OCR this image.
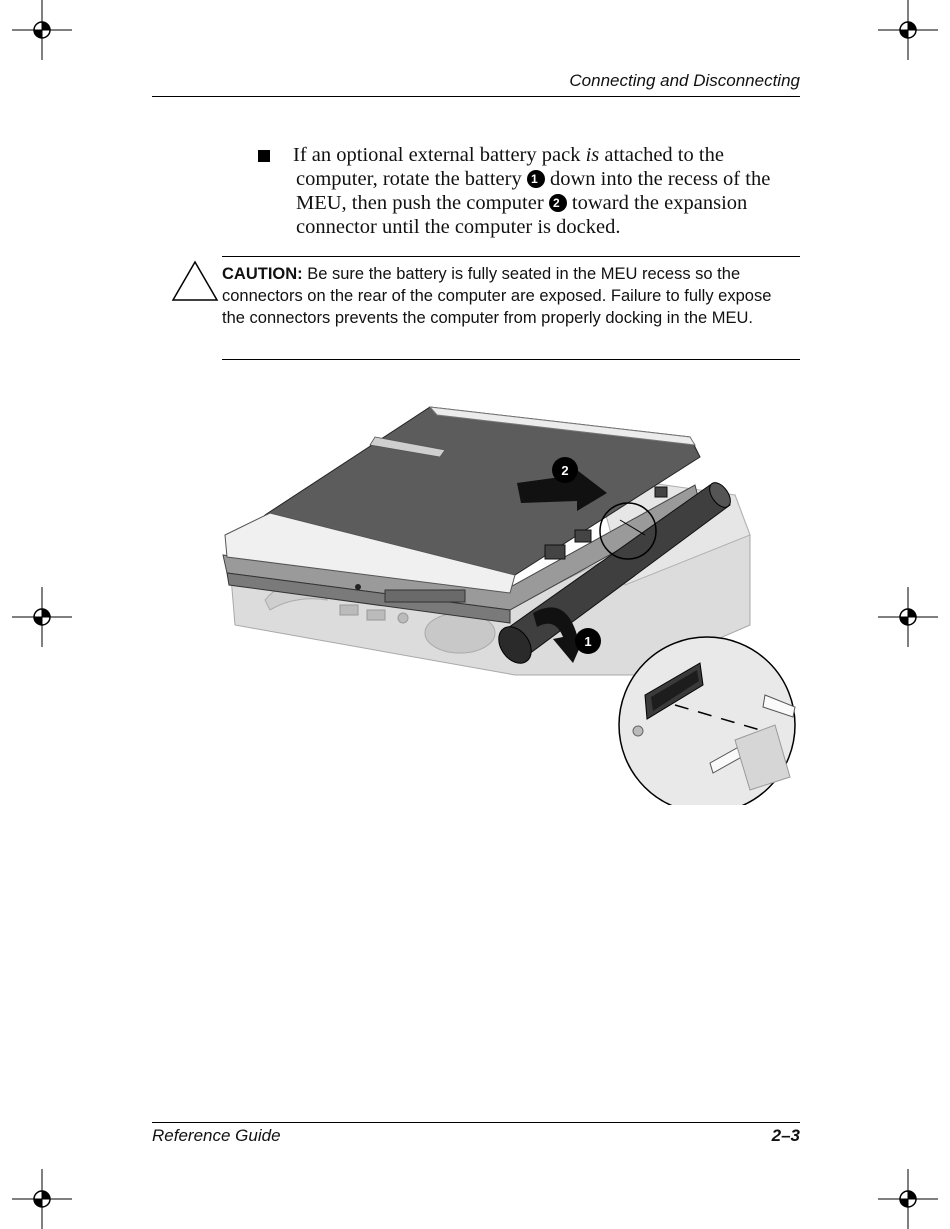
Connecting and Disconnecting
If an optional external battery pack is attached to the computer, rotate the battery 1 down into the recess of the MEU, then push the computer 2 toward the expansion connector until the computer is docked.
CAUTION: Be sure the battery is fully seated in the MEU recess so the connectors on the rear of the computer are exposed. Failure to fully expose the connectors prevents the computer from properly docking in the MEU.
2
1
Reference Guide	2–3
